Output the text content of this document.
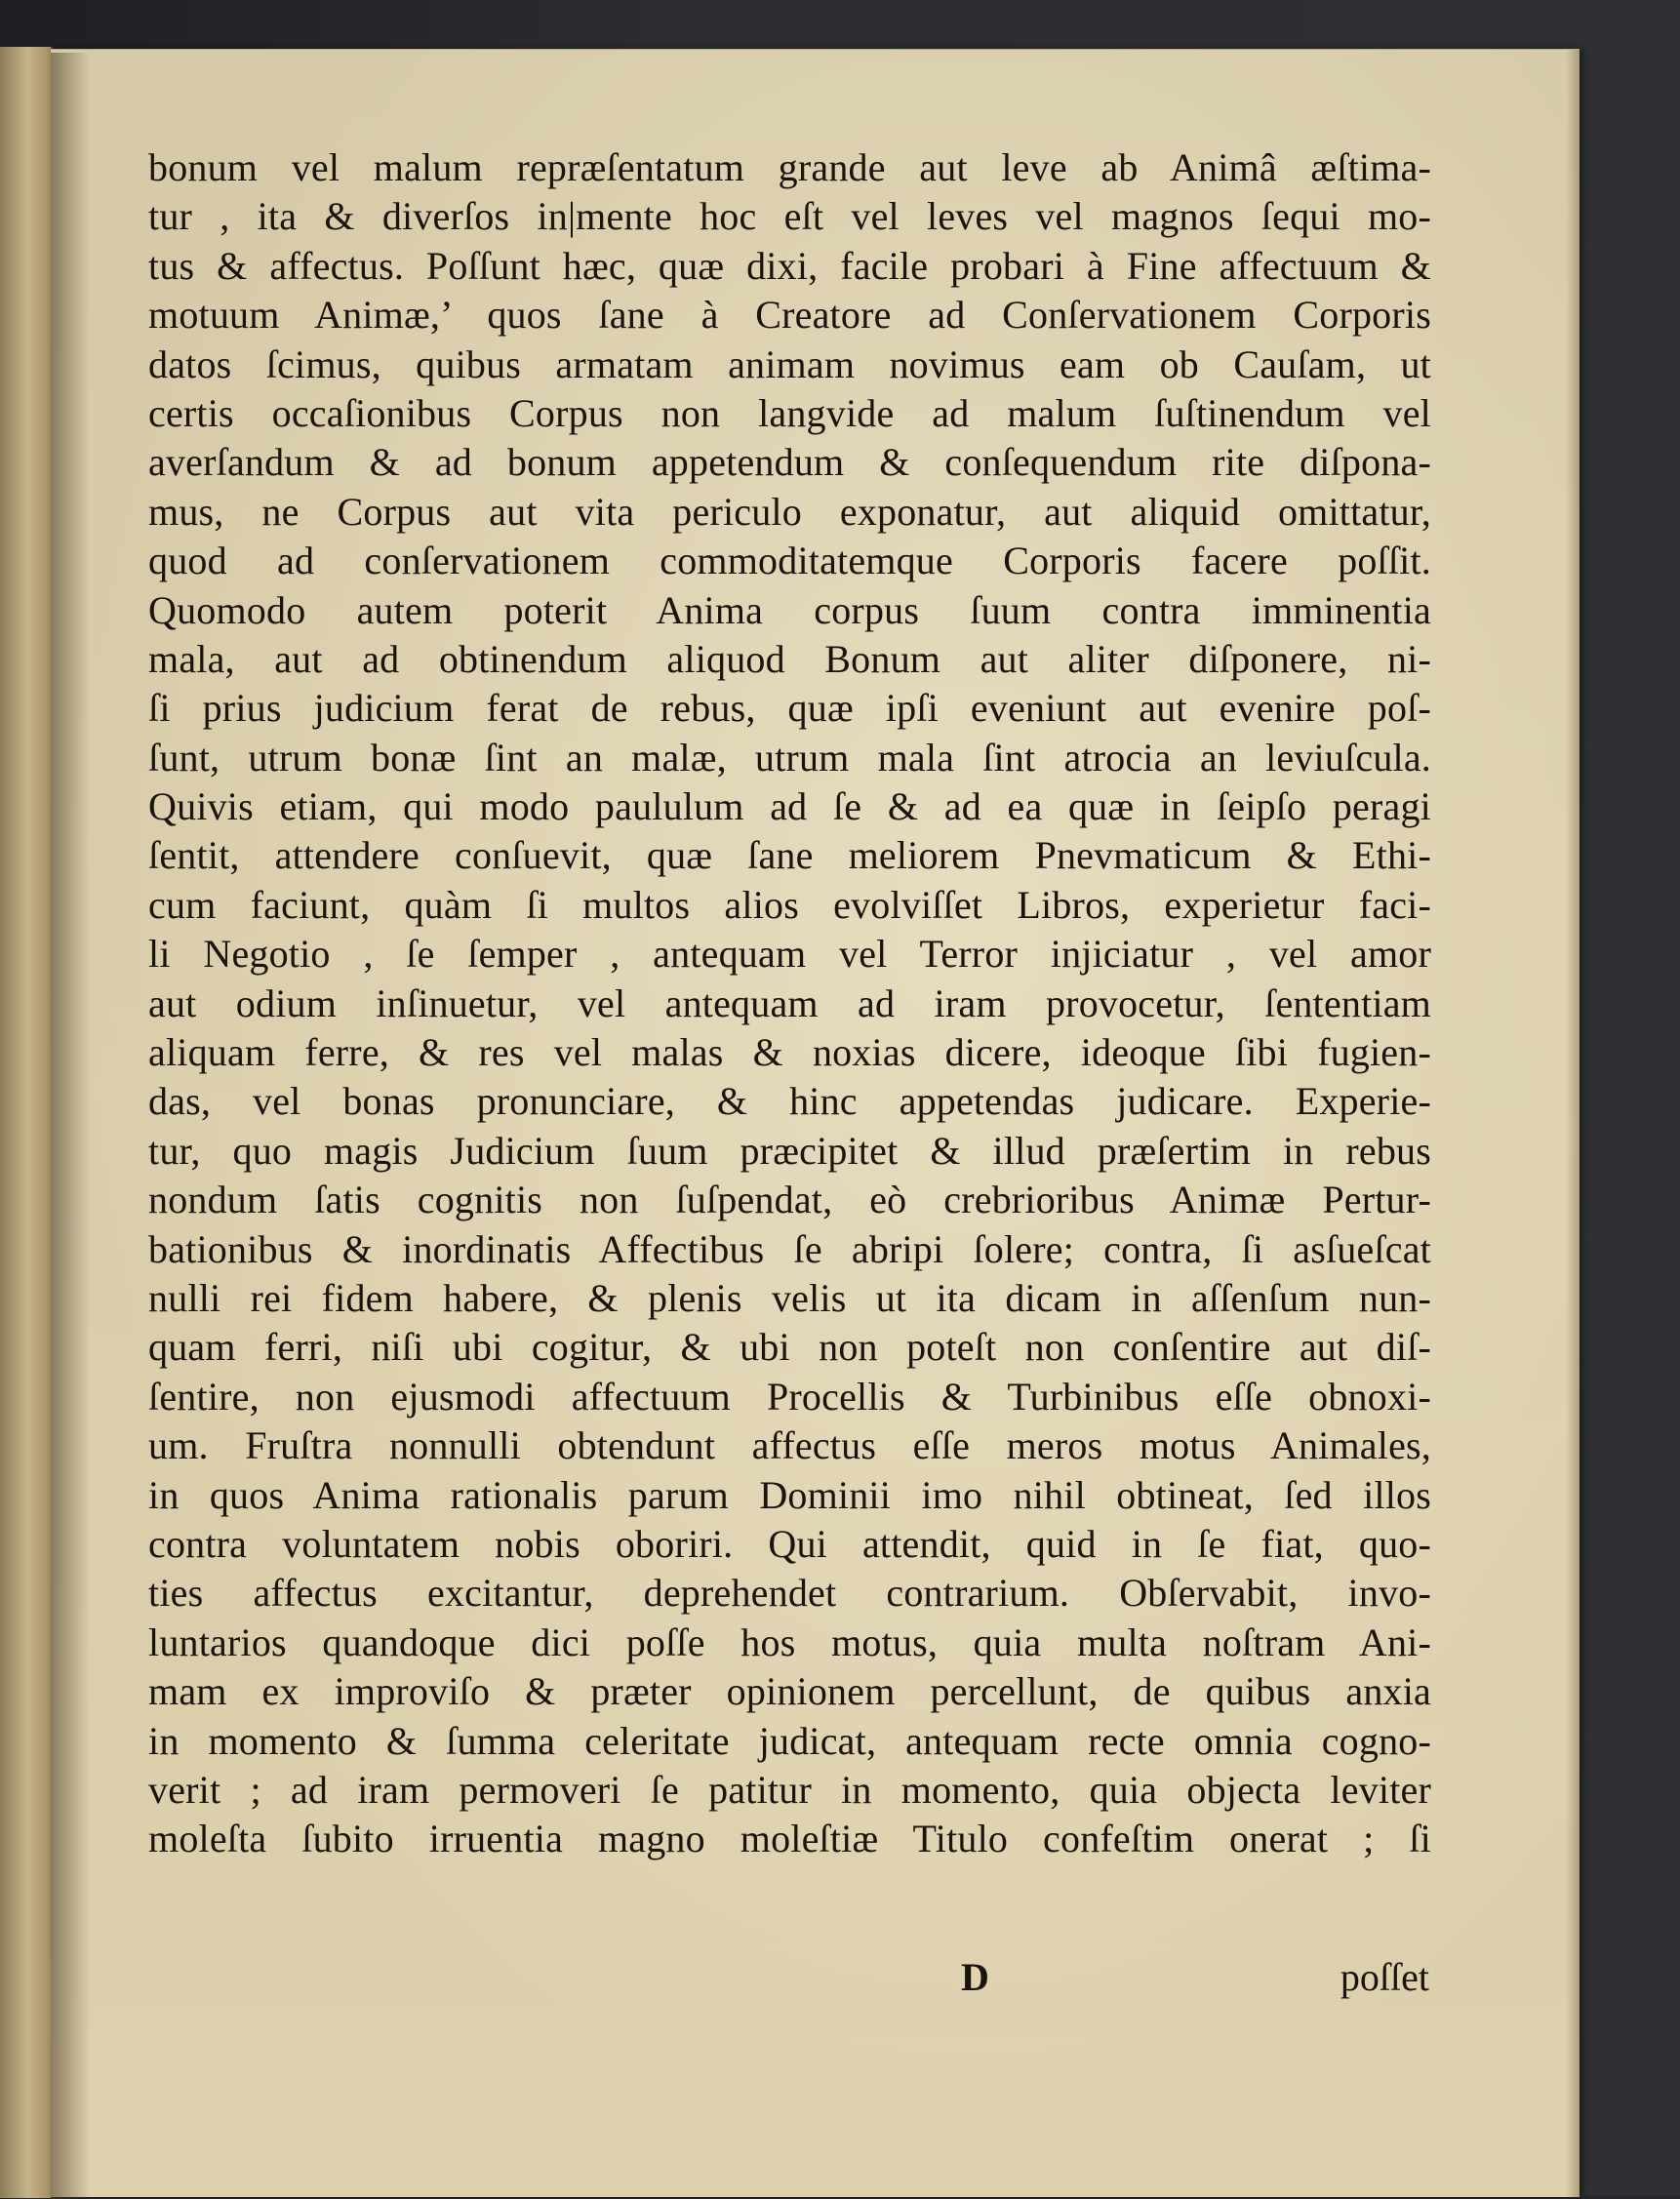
bonum vel malum repræſentatum grande aut leve ab Animâ æſtima-
tur , ita & diverſos in|mente hoc eſt vel leves vel magnos ſequi mo-
tus & affectus. Poſſunt hæc, quæ dixi, facile probari à Fine affectuum &
motuum Animæ,’ quos ſane à Creatore ad Conſervationem Corporis
datos ſcimus, quibus armatam animam novimus eam ob Cauſam, ut
certis occaſionibus Corpus non langvide ad malum ſuſtinendum vel
averſandum & ad bonum appetendum & conſequendum rite diſpona-
mus, ne Corpus aut vita periculo exponatur, aut aliquid omittatur,
quod ad conſervationem commoditatemque Corporis facere poſſit.
Quomodo autem poterit Anima corpus ſuum contra imminentia
mala, aut ad obtinendum aliquod Bonum aut aliter diſponere, ni-
ſi prius judicium ferat de rebus, quæ ipſi eveniunt aut evenire poſ-
ſunt, utrum bonæ ſint an malæ, utrum mala ſint atrocia an leviuſcula.
Quivis etiam, qui modo paululum ad ſe & ad ea quæ in ſeipſo peragi
ſentit, attendere conſuevit, quæ ſane meliorem Pnevmaticum & Ethi-
cum faciunt, quàm ſi multos alios evolviſſet Libros, experietur faci-
li Negotio , ſe ſemper , antequam vel Terror injiciatur , vel amor
aut odium inſinuetur, vel antequam ad iram provocetur, ſententiam
aliquam ferre, & res vel malas & noxias dicere, ideoque ſibi fugien-
das, vel bonas pronunciare, & hinc appetendas judicare. Experie-
tur, quo magis Judicium ſuum præcipitet & illud præſertim in rebus
nondum ſatis cognitis non ſuſpendat, eò crebrioribus Animæ Pertur-
bationibus & inordinatis Affectibus ſe abripi ſolere; contra, ſi asſueſcat
nulli rei fidem habere, & plenis velis ut ita dicam in aſſenſum nun-
quam ferri, niſi ubi cogitur, & ubi non poteſt non conſentire aut diſ-
ſentire, non ejusmodi affectuum Procellis & Turbinibus eſſe obnoxi-
um. Fruſtra nonnulli obtendunt affectus eſſe meros motus Animales,
in quos Anima rationalis parum Dominii imo nihil obtineat, ſed illos
contra voluntatem nobis oboriri. Qui attendit, quid in ſe fiat, quo-
ties affectus excitantur, deprehendet contrarium. Obſervabit, invo-
luntarios quandoque dici poſſe hos motus, quia multa noſtram Ani-
mam ex improviſo & præter opinionem percellunt, de quibus anxia
in momento & ſumma celeritate judicat, antequam recte omnia cogno-
verit ; ad iram permoveri ſe patitur in momento, quia objecta leviter
moleſta ſubito irruentia magno moleſtiæ Titulo confeſtim onerat ; ſi
D	poſſet
